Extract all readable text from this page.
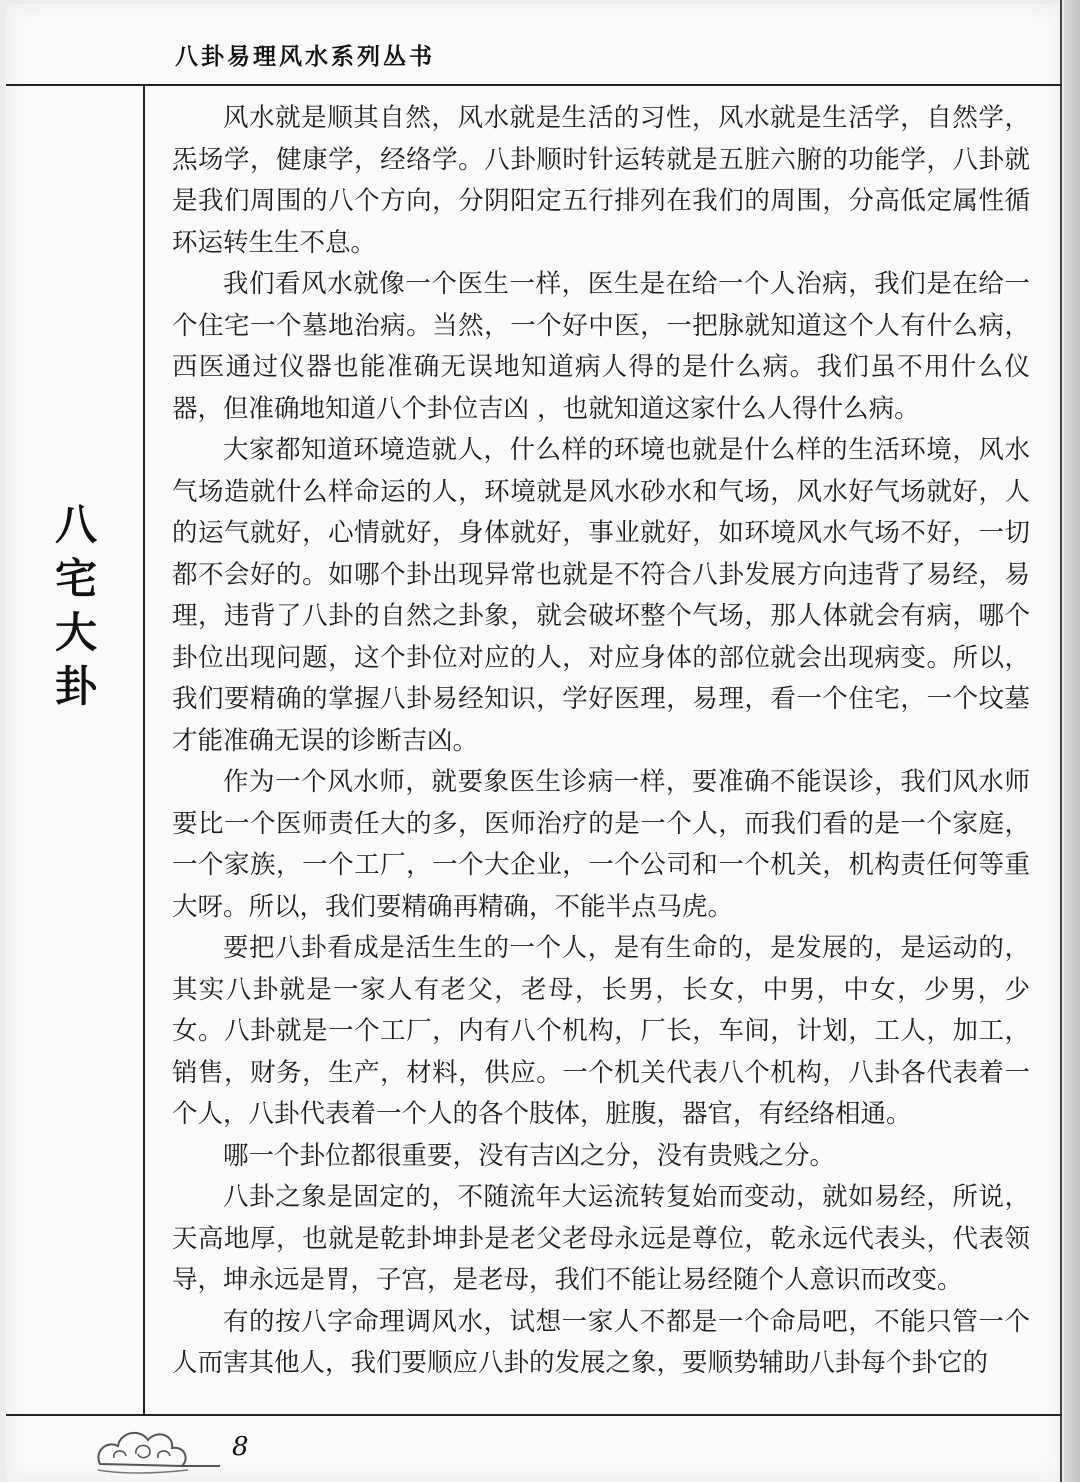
八卦易理风水系列丛书
八
宅
大
卦

风水就是顺其自然，风水就是生活的习性，风水就是生活学，自然学，炁场学，健康学，经络学。八卦顺时针运转就是五脏六腑的功能学，八卦就是我们周围的八个方向，分阴阳定五行排列在我们的周围，分高低定属性循环运转生生不息。

我们看风水就像一个医生一样，医生是在给一个人治病，我们是在给一个住宅一个墓地治病。当然，一个好中医，一把脉就知道这个人有什么病，西医通过仪器也能准确无误地知道病人得的是什么病。我们虽不用什么仪器，但准确地知道八个卦位吉凶 ，也就知道这家什么人得什么病。

大家都知道环境造就人，什么样的环境也就是什么样的生活环境，风水气场造就什么样命运的人，环境就是风水砂水和气场，风水好气场就好，人的运气就好，心情就好，身体就好，事业就好，如环境风水气场不好，一切都不会好的。如哪个卦出现异常也就是不符合八卦发展方向违背了易经，易理，违背了八卦的自然之卦象，就会破坏整个气场，那人体就会有病，哪个卦位出现问题，这个卦位对应的人，对应身体的部位就会出现病变。所以，我们要精确的掌握八卦易经知识，学好医理，易理，看一个住宅，一个坟墓才能准确无误的诊断吉凶。

作为一个风水师，就要象医生诊病一样，要准确不能误诊，我们风水师要比一个医师责任大的多，医师治疗的是一个人，而我们看的是一个家庭，一个家族，一个工厂，一个大企业，一个公司和一个机关，机构责任何等重大呀。所以，我们要精确再精确，不能半点马虎。

要把八卦看成是活生生的一个人，是有生命的，是发展的，是运动的，其实八卦就是一家人有老父，老母，长男，长女，中男，中女，少男，少女。八卦就是一个工厂，内有八个机构，厂长，车间，计划，工人，加工，销售，财务，生产，材料，供应。一个机关代表八个机构，八卦各代表着一个人，八卦代表着一个人的各个肢体，脏腹，器官，有经络相通。

哪一个卦位都很重要，没有吉凶之分，没有贵贱之分。

八卦之象是固定的，不随流年大运流转复始而变动，就如易经，所说，天高地厚，也就是乾卦坤卦是老父老母永远是尊位，乾永远代表头，代表领导，坤永远是胃，子宫，是老母，我们不能让易经随个人意识而改变。

有的按八字命理调风水，试想一家人不都是一个命局吧，不能只管一个人而害其他人，我们要顺应八卦的发展之象，要顺势辅助八卦每个卦它的

8
